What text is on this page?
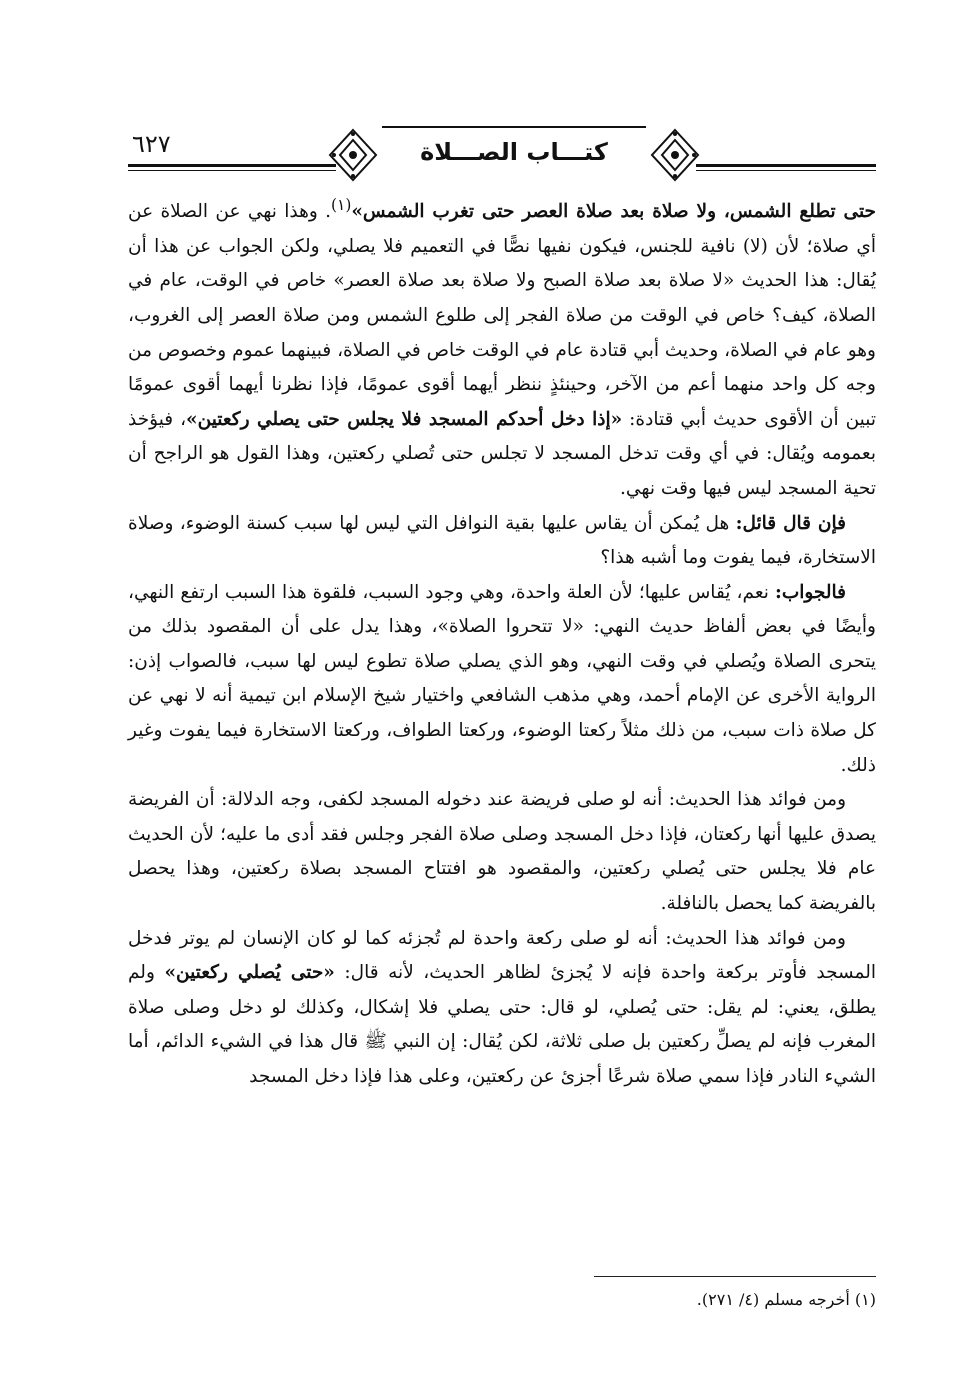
٦٢٧	كتـــاب الصـــلاة

حتى تطلع الشمس، ولا صلاة بعد صلاة العصر حتى تغرب الشمس»$^{(١)}$. وهذا نهي عن الصلاة عن أي صلاة؛ لأن (لا) نافية للجنس، فيكون نفيها نصًّا في التعميم فلا يصلي، ولكن الجواب عن هذا أن يُقال: هذا الحديث «لا صلاة بعد صلاة الصبح ولا صلاة بعد صلاة العصر» خاص في الوقت، عام في الصلاة، كيف؟ خاص في الوقت من صلاة الفجر إلى طلوع الشمس ومن صلاة العصر إلى الغروب، وهو عام في الصلاة، وحديث أبي قتادة عام في الوقت خاص في الصلاة، فبينهما عموم وخصوص من وجه كل واحد منهما أعم من الآخر، وحينئذٍ ننظر أيهما أقوى عمومًا، فإذا نظرنا أيهما أقوى عمومًا تبين أن الأقوى حديث أبي قتادة: «إذا دخل أحدكم المسجد فلا يجلس حتى يصلي ركعتين»، فيؤخذ بعمومه ويُقال: في أي وقت تدخل المسجد لا تجلس حتى تُصلي ركعتين، وهذا القول هو الراجح أن تحية المسجد ليس فيها وقت نهي.

فإن قال قائل: هل يُمكن أن يقاس عليها بقية النوافل التي ليس لها سبب كسنة الوضوء، وصلاة الاستخارة، فيما يفوت وما أشبه هذا؟

فالجواب: نعم، يُقاس عليها؛ لأن العلة واحدة، وهي وجود السبب، فلقوة هذا السبب ارتفع النهي، وأيضًا في بعض ألفاظ حديث النهي: «لا تتحروا الصلاة»، وهذا يدل على أن المقصود بذلك من يتحرى الصلاة ويُصلي في وقت النهي، وهو الذي يصلي صلاة تطوع ليس لها سبب، فالصواب إذن: الرواية الأخرى عن الإمام أحمد، وهي مذهب الشافعي واختيار شيخ الإسلام ابن تيمية أنه لا نهي عن كل صلاة ذات سبب، من ذلك مثلاً ركعتا الوضوء، وركعتا الطواف، وركعتا الاستخارة فيما يفوت وغير ذلك.

ومن فوائد هذا الحديث: أنه لو صلى فريضة عند دخوله المسجد لكفى، وجه الدلالة: أن الفريضة يصدق عليها أنها ركعتان، فإذا دخل المسجد وصلى صلاة الفجر وجلس فقد أدى ما عليه؛ لأن الحديث عام فلا يجلس حتى يُصلي ركعتين، والمقصود هو افتتاح المسجد بصلاة ركعتين، وهذا يحصل بالفريضة كما يحصل بالنافلة.

ومن فوائد هذا الحديث: أنه لو صلى ركعة واحدة لم تُجزئه كما لو كان الإنسان لم يوتر فدخل المسجد فأوتر بركعة واحدة فإنه لا يُجزئ لظاهر الحديث، لأنه قال: «حتى يُصلي ركعتين» ولم يطلق، يعني: لم يقل: حتى يُصلي، لو قال: حتى يصلي فلا إشكال، وكذلك لو دخل وصلى صلاة المغرب فإنه لم يصلِّ ركعتين بل صلى ثلاثة، لكن يُقال: إن النبي ﷺ قال هذا في الشيء الدائم، أما الشيء النادر فإذا سمي صلاة شرعًا أجزئ عن ركعتين، وعلى هذا فإذا دخل المسجد

(١) أخرجه مسلم (٤/ ٢٧١).
